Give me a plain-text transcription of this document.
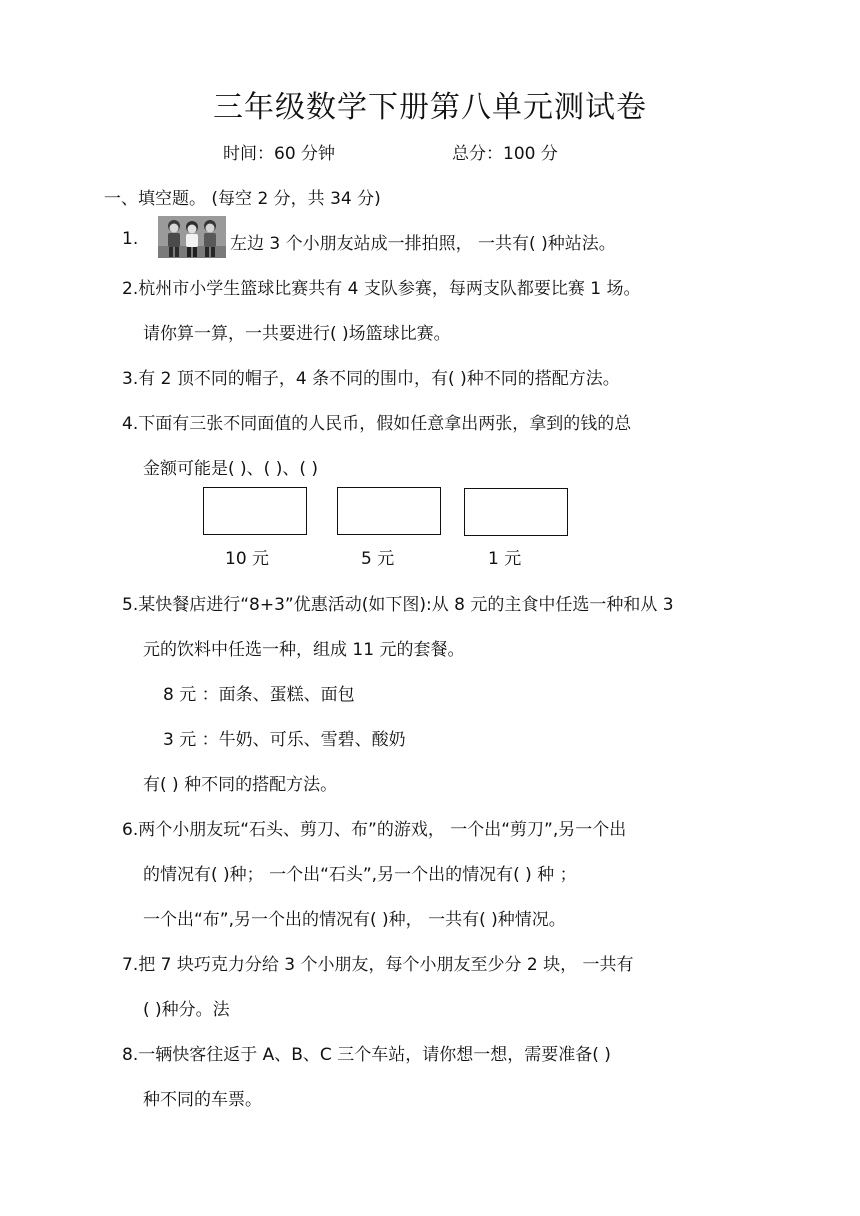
三年级数学下册第八单元测试卷
时间：60 分钟	总分：100 分
一、填空题。 (每空 2 分，共 34 分)
1.	左边 3 个小朋友站成一排拍照， 一共有( )种站法。
2.杭州市小学生篮球比赛共有 4 支队参赛，每两支队都要比赛 1 场。
请你算一算，一共要进行( )场篮球比赛。
3.有 2 顶不同的帽子，4 条不同的围巾，有( )种不同的搭配方法。
4.下面有三张不同面值的人民币，假如任意拿出两张，拿到的钱的总
金额可能是( )、( )、( )
10 元	5 元	1 元
5.某快餐店进行“8+3”优惠活动(如下图):从 8 元的主食中任选一种和从 3
元的饮料中任选一种，组成 11 元的套餐。
8 元 ：面条、蛋糕、面包
3 元 ：牛奶、可乐、雪碧、酸奶
有( ) 种不同的搭配方法。
6.两个小朋友玩“石头、剪刀、布”的游戏， 一个出“剪刀”,另一个出
的情况有( )种； 一个出“石头”,另一个出的情况有( ) 种 ；
一个出“布”,另一个出的情况有( )种， 一共有( )种情况。
7.把 7 块巧克力分给 3 个小朋友，每个小朋友至少分 2 块， 一共有
( )种分。法
8.一辆快客往返于 A、B、C 三个车站，请你想一想，需要准备( )
种不同的车票。
